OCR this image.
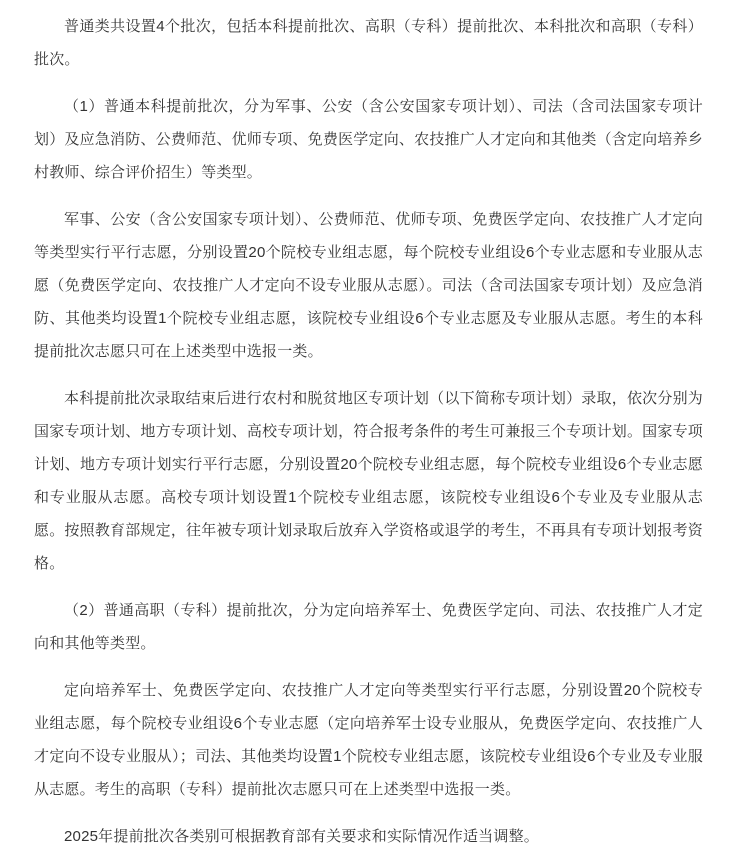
普通类共设置4个批次，包括本科提前批次、高职（专科）提前批次、本科批次和高职（专科）批次。

（1）普通本科提前批次，分为军事、公安（含公安国家专项计划）、司法（含司法国家专项计划）及应急消防、公费师范、优师专项、免费医学定向、农技推广人才定向和其他类（含定向培养乡村教师、综合评价招生）等类型。

军事、公安（含公安国家专项计划）、公费师范、优师专项、免费医学定向、农技推广人才定向等类型实行平行志愿，分别设置20个院校专业组志愿，每个院校专业组设6个专业志愿和专业服从志愿（免费医学定向、农技推广人才定向不设专业服从志愿）。司法（含司法国家专项计划）及应急消防、其他类均设置1个院校专业组志愿，该院校专业组设6个专业志愿及专业服从志愿。考生的本科提前批次志愿只可在上述类型中选报一类。

本科提前批次录取结束后进行农村和脱贫地区专项计划（以下简称专项计划）录取，依次分别为国家专项计划、地方专项计划、高校专项计划，符合报考条件的考生可兼报三个专项计划。国家专项计划、地方专项计划实行平行志愿，分别设置20个院校专业组志愿，每个院校专业组设6个专业志愿和专业服从志愿。高校专项计划设置1个院校专业组志愿，该院校专业组设6个专业及专业服从志愿。按照教育部规定，往年被专项计划录取后放弃入学资格或退学的考生，不再具有专项计划报考资格。

（2）普通高职（专科）提前批次，分为定向培养军士、免费医学定向、司法、农技推广人才定向和其他等类型。

定向培养军士、免费医学定向、农技推广人才定向等类型实行平行志愿，分别设置20个院校专业组志愿，每个院校专业组设6个专业志愿（定向培养军士设专业服从，免费医学定向、农技推广人才定向不设专业服从）；司法、其他类均设置1个院校专业组志愿，该院校专业组设6个专业及专业服从志愿。考生的高职（专科）提前批次志愿只可在上述类型中选报一类。

2025年提前批次各类别可根据教育部有关要求和实际情况作适当调整。
